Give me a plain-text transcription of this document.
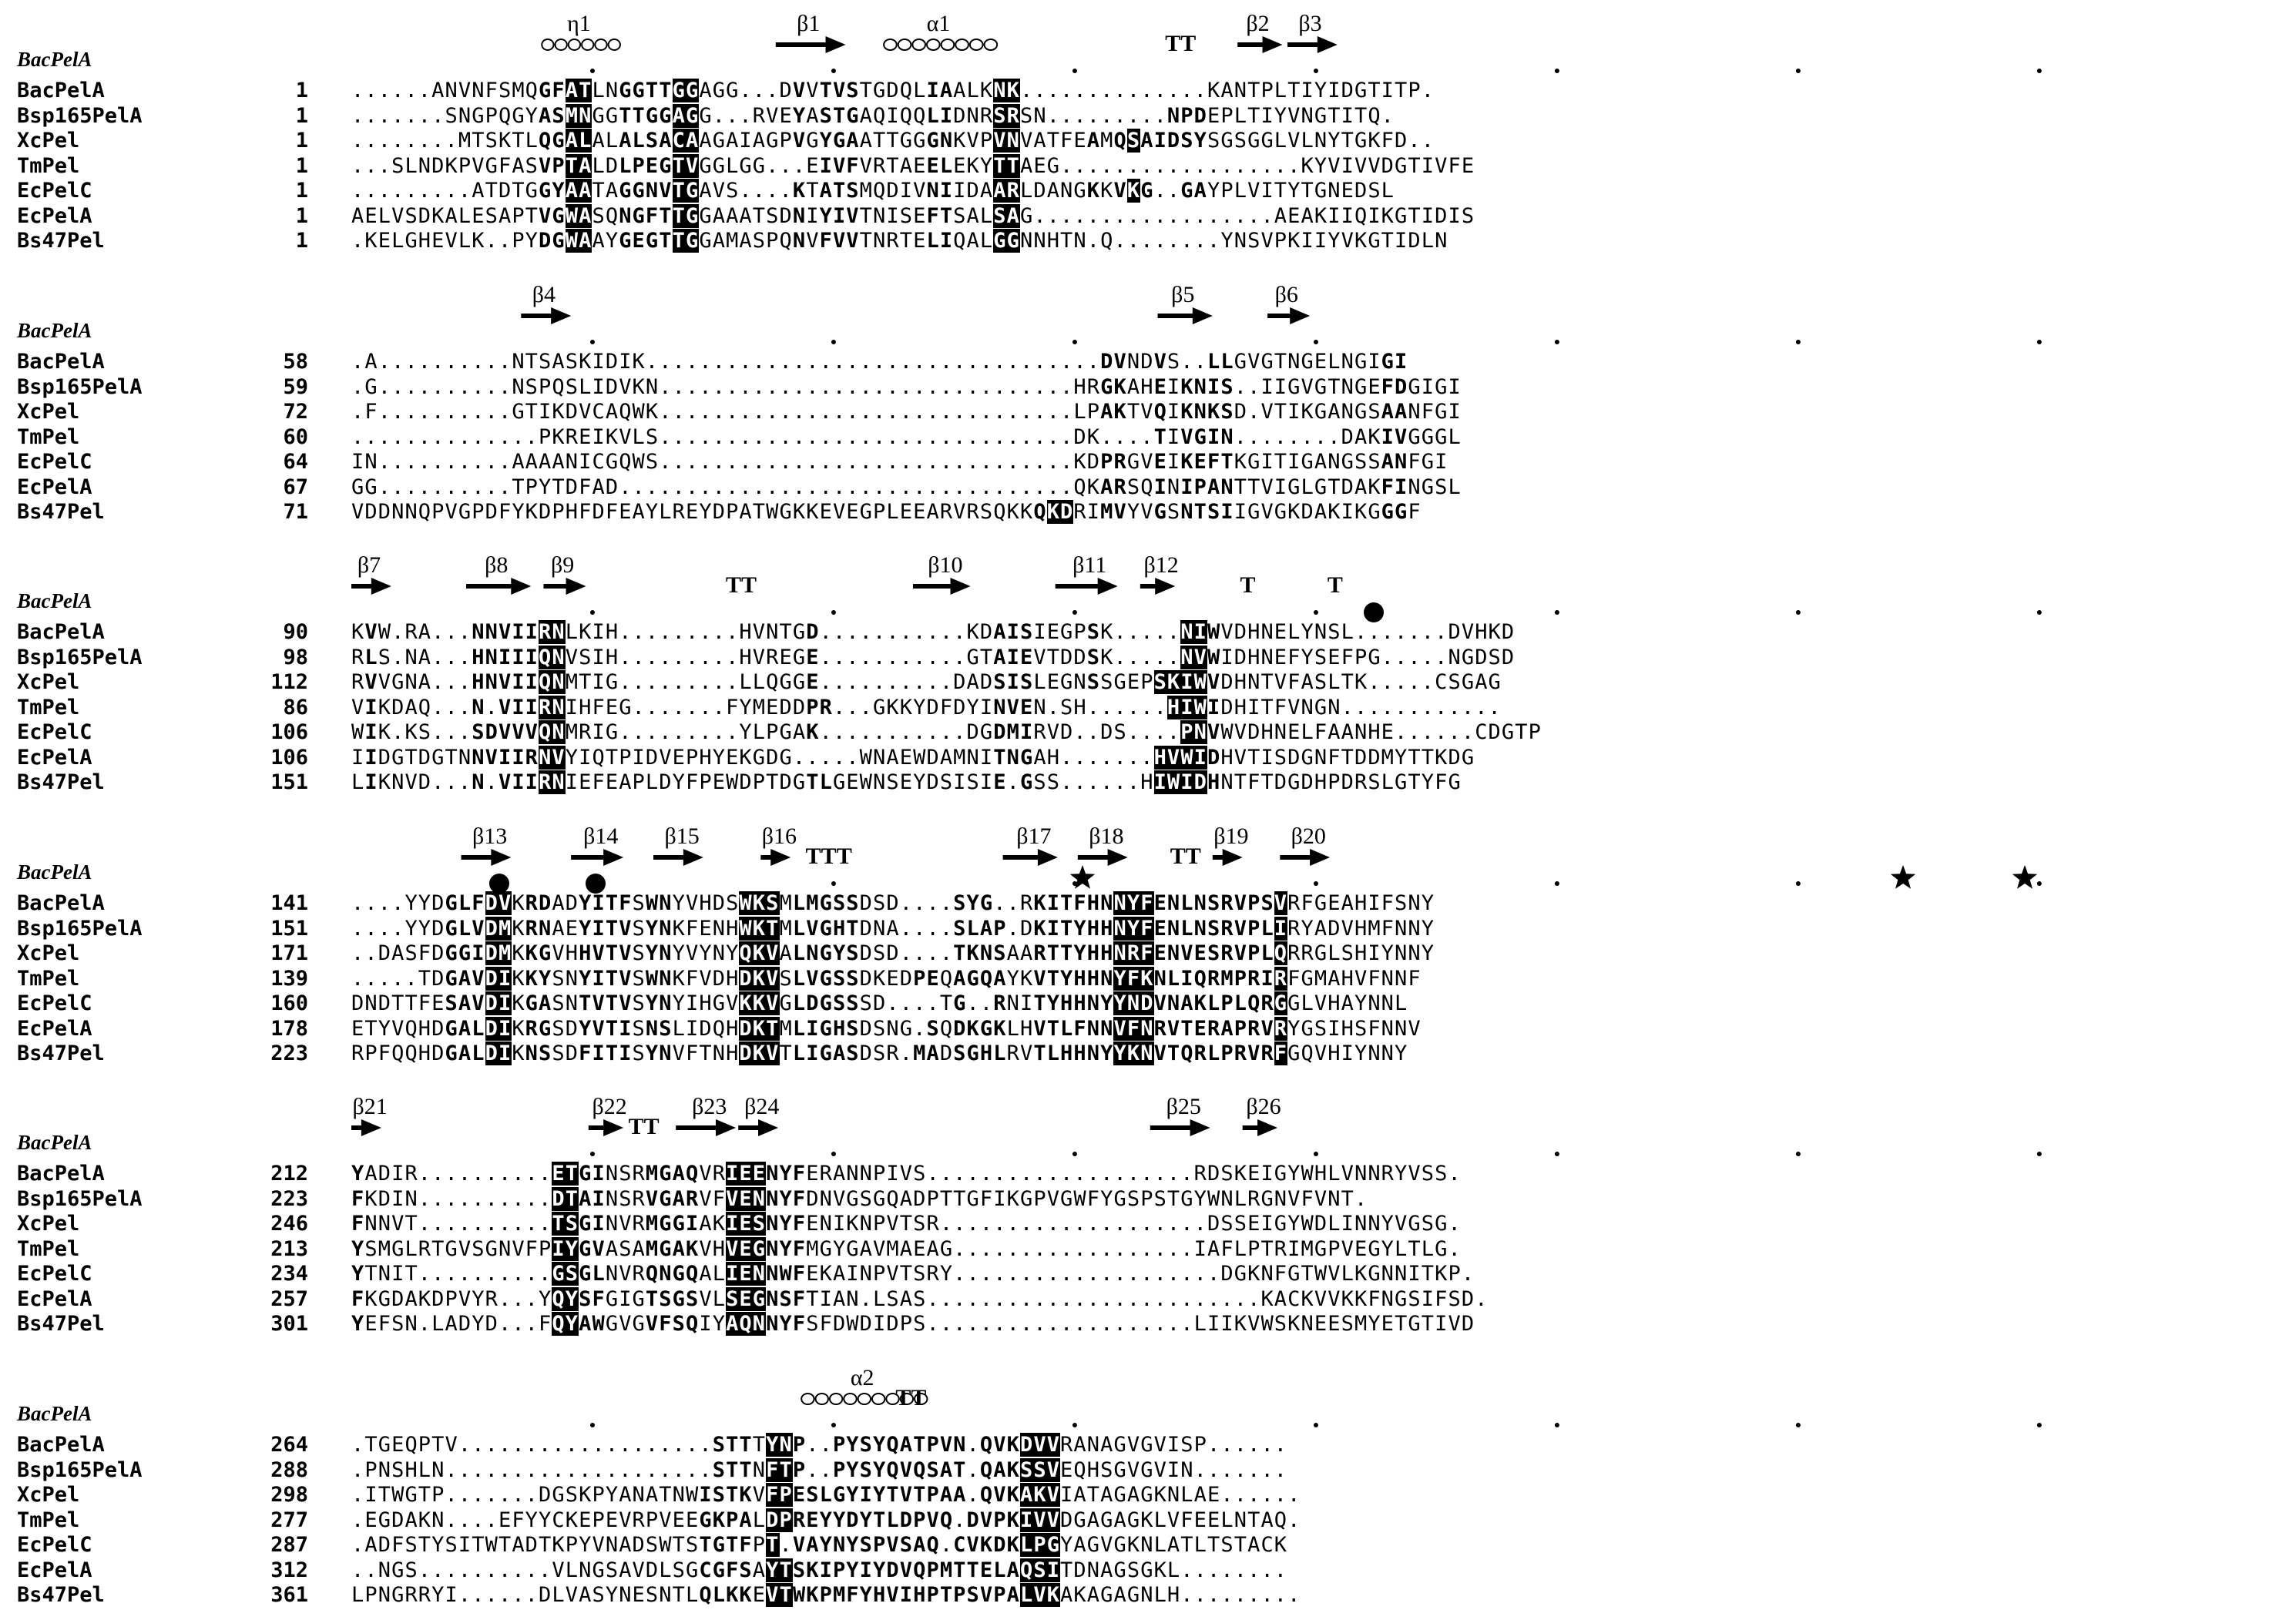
BacPelA
η1	β1	α1
TT
β2 β3
BacPelA	1 ......ANVNFSMQGFATLNGGTTGGAGG...DVVTVSTGDQLIAALKNK..............KANTPLTIYIDGTITP.
Bsp165PelA	1 .......SNGPQGYASMNGGTTGGAGG...RVEYASTGAQIQQLIDNRSRSN.........NPDEPLTIYVNGTITQ.
XcPel	1 ........MTSKTLQGALALALSACAAGAIAGPVGYGAATTGGGNKVPVNVATFEAMQSAIDSYSGSGGLVLNYTGKFD..
TmPel	1 ...SLNDKPVGFASVPTALDLPEGTVGGLGG...EIVFVRTAEELEKYTTAEG..................KYVIVVDGTIVFE
EcPelC	1 .........ATDTGGYAATAGGNVTGAVS....KTATSMQDIVNIIDAARLDANGKKVKG..GAYPLVITYTGNEDSL
EcPelA	1 AELVSDKALESAPTVGWASQNGFTTGGAAATSDNIYIVTNISEFTSALSAG..................AEAKIIQIKGTIDIS
Bs47Pel	1 .KELGHEVLK..PYDGWAAYGEGTTGGAMASPQNVFVVTNRTELIQALGGNNHTN.Q........YNSVPKIIYVKGTIDLN
BacPelA
β4	β5	β6
BacPelA	58 .A..........NTSASKIDIK..................................DVNDVS..LLGVGTNGELNGIGI
Bsp165PelA	59 .G..........NSPQSLIDVKN...............................HRGKAHEIKNIS..IIGVGTNGEFDGIGI
XcPel	72 .F..........GTIKDVCAQWK...............................LPAKTVQIKNKSD.VTIKGANGSAANFGI
TmPel	60 ..............PKREIKVLS...............................DK....TIVGIN........DAKIVGGGL
EcPelC	64 IN..........AAAANICGQWS...............................KDPRGVEIKEFTKGITIGANGSSANFGI
EcPelA	67 GG..........TPYTDFAD..................................QKARSQINIPANTTVIGLGTDAKFINGSL
Bs47Pel	71 VDDNNQPVGPDFYKDPHFDFEAYLREYDPATWGKKEVEGPLEEARVRSQKKQKDRIMVYVGSNTSIIGVGKDAKIKGGGF
BacPelA
β7	β8 β9
TT
β10	β11 β12
T	T
BacPelA	90 KVW.RA...NNVIIRNLKIH.........HVNTGD...........KDAISIEGPSK.....NIWVDHNELYNSL.......DVHKD
Bsp165PelA	98 RLS.NA...HNIIIQNVSIH.........HVREGE...........GTAIEVTDDSK.....NVWIDHNEFYSEFPG.....NGDSD
XcPel	112 RVVGNA...HNVIIQNMTIG.........LLQGGE..........DADSISLEGNSSGEPSKIWVDHNTVFASLTK.....CSGAG
TmPel	86 VIKDAQ...N.VIIRNIHFEG.......FYMEDDPR...GKKYDFDYINVEN.SH......HIWIDHITFVNGN............
EcPelC	106 WIK.KS...SDVVVQNMRIG.........YLPGAK...........DGDMIRVD..DS....PNVWVDHNELFAANHE......CDGTP
EcPelA	106 IIDGTDGTNNVIIRNVYIQTPIDVEPHYEKGDG.....WNAEWDAMNITNGAH.......HVWIDHVTISDGNFTDDMYTTKDG
Bs47Pel	151 LIKNVD...N.VIIRNIEFEAPLDYFPEWDPTDGTLGEWNSEYDSISIE.GSS......HIWIDHNTFTDGDHPDRSLGTYFG
BacPelA
β13	β14 β15	β16
TTT
β17 β18
TT
β19 β20
BacPelA	141 ....YYDGLFDVKRDADYITFSWNYVHDSWKSMLMGSSDSD....SYG..RKITFHNNYFENLNSRVPSVRFGEAHIFSNY
Bsp165PelA	151 ....YYDGLVDMKRNAEYITVSYNKFENHWKTMLVGHTDNA....SLAP.DKITYHHNYFENLNSRVPLIRYADVHMFNNY
XcPel	171 ..DASFDGGIDMKKGVHHVTVSYNYVYNYQKVALNGYSDSD....TKNSAARTTYHHNRFENVESRVPLQRRGLSHIYNNY
TmPel	139 .....TDGAVDIKKYSNYITVSWNKFVDHDKVSLVGSSDKEDPEQAGQAYKVTYHHNYFKNLIQRMPRIRFGMAHVFNNF
EcPelC	160 DNDTTFESAVDIKGASNTVTVSYNYIHGVKKVGLDGSSSD....TG..RNITYHHNYYNDVNAKLPLQRGGLVHAYNNL
EcPelA	178 ETYVQHDGALDIKRGSDYVTISNSLIDQHDKTMLIGHSDSNG.SQDKGKLHVTLFNNVFNRVTERAPRVRYGSIHSFNNV
Bs47Pel	223 RPFQQHDGALDIKNSSDFITISYNVFTNHDKVTLIGASDSR.MADSGHLRVTLHHNYYKNVTQRLPRVRFGQVHIYNNY
BacPelA
β21	β22
TT
β23 β24	β25 β26
BacPelA	212 YADIR..........ETGINSRMGAQVRIEENYFERANNPIVS....................RDSKEIGYWHLVNNRYVSS.
Bsp165PelA	223 FKDIN..........DTAINSRVGARVFVENNYFDNVGSGQADPTTGFIKGPVGWFYGSPSTGYWNLRGNVFVNT.
XcPel	246 FNNVT..........TSGINVRMGGIAKIESNYFENIKNPVTSR....................DSSEIGYWDLINNYVGSG.
TmPel	213 YSMGLRTGVSGNVFPIYGVASAMGAKVHVEGNYFMGYGAVMAEAG..................IAFLPTRIMGPVEGYLTLG.
EcPelC	234 YTNIT..........GSGLNVRQNGQALIENNWFEKAINPVTSRY....................DGKNFGTWVLKGNNITKP.
EcPelA	257 FKGDAKDPVYR...YQYSFGIGTSGSVLSEGNSFTIAN.LSAS.........................KACKVVKKFNGSIFSD.
Bs47Pel	301 YEFSN.LADYD...FQYAWGVGVFSQIYAQNNYFSFDWDIDPS....................LIIKVWSKNEESMYETGTIVD
BacPelA
α2
TT
BacPelA	264 .TGEQPTV...................STTTYNP..PYSYQATPVN.QVKDVVRANAGVGVISP......
Bsp165PelA	288 .PNSHLN....................STTNFTP..PYSYQVQSAT.QAKSSVEQHSGVGVIN.......
XcPel	298 .ITWGTP.......DGSKPYANATNWISTKVFPESLGYIYTVTPAA.QVKAKVIATAGAGKNLAE......
TmPel	277 .EGDAKN....EFYYCKEPEVRPVEEGKPALDPREYYDYTLDPVQ.DVPKIVVDGAGAGKLVFEELNTAQ.
EcPelC	287 .ADFSTYSITWTADTKPYVNADSWTSTGTFPT.VAYNYSPVSAQ.CVKDKLPGYAGVGKNLATLTSTACK
EcPelA	312 ..NGS..........VLNGSAVDLSGCGFSAYTSKIPYIYDVQPMTTELAQSITDNAGSGKL........
Bs47Pel	361 LPNGRRYI......DLVASYNESNTLQLKKEVTWKPMFYHVIHPTPSVPALVKAKAGAGNLH.........
